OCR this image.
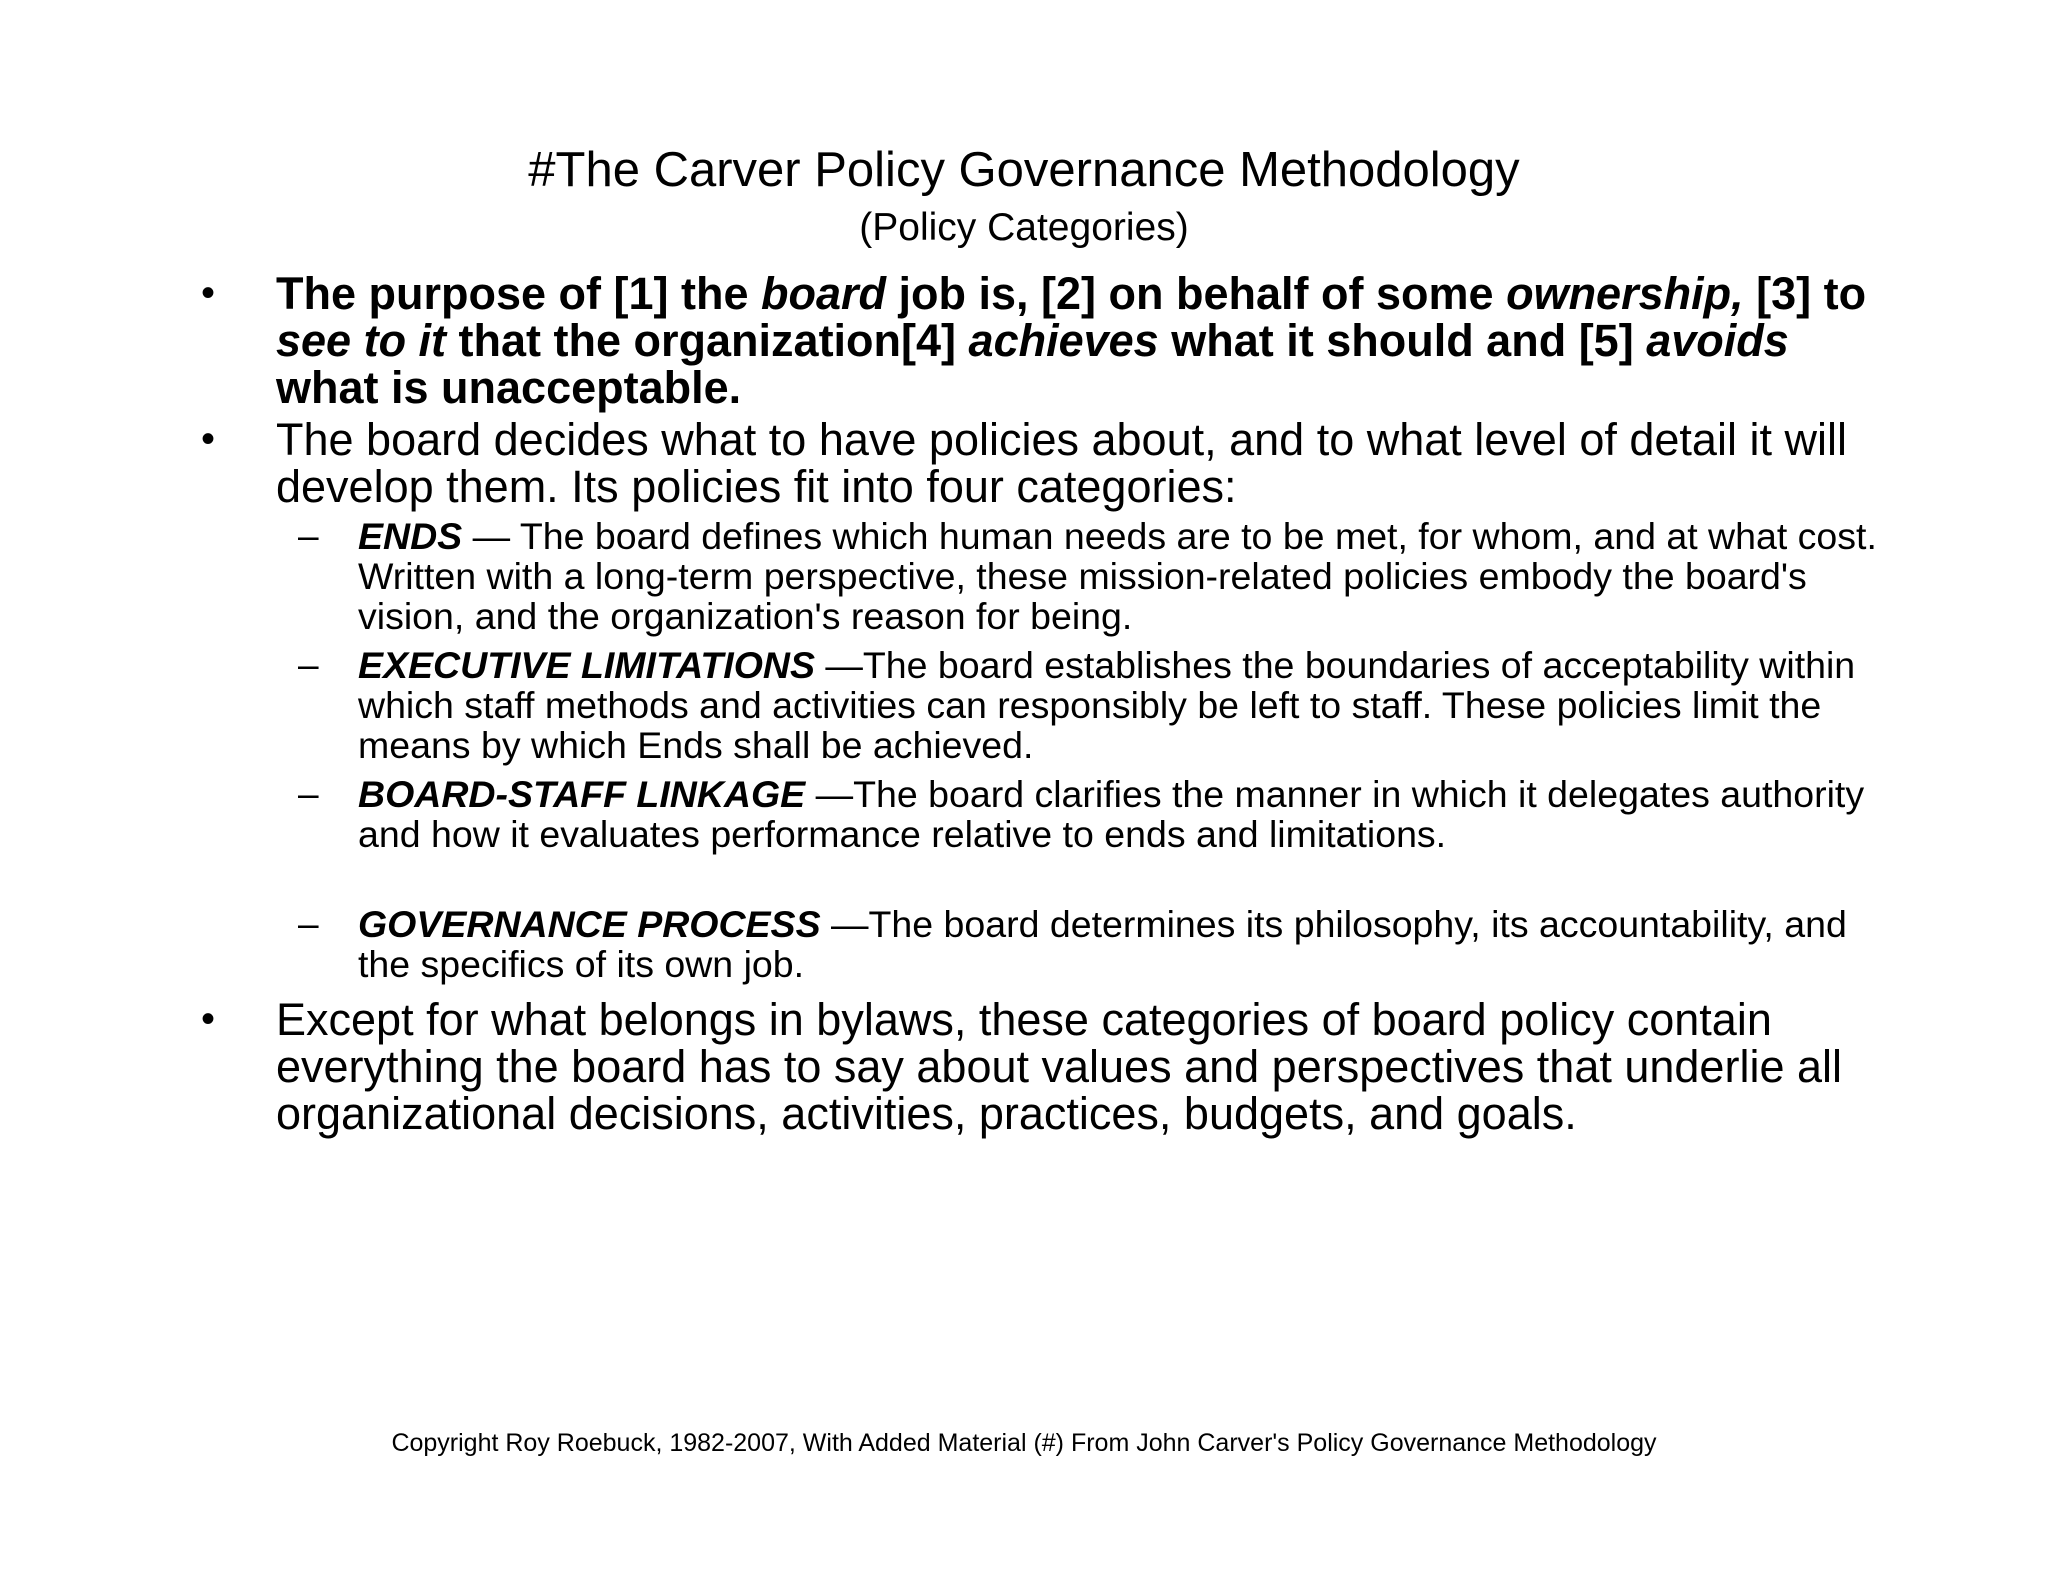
#The Carver Policy Governance Methodology
(Policy Categories)
• The purpose of [1] the board job is, [2] on behalf of some ownership, [3] to see to it that the organization[4] achieves what it should and [5] avoids what is unacceptable.
• The board decides what to have policies about, and to what level of detail it will develop them. Its policies fit into four categories:
– ENDS — The board defines which human needs are to be met, for whom, and at what cost. Written with a long-term perspective, these mission-related policies embody the board's vision, and the organization's reason for being.
– EXECUTIVE LIMITATIONS —The board establishes the boundaries of acceptability within which staff methods and activities can responsibly be left to staff. These policies limit the means by which Ends shall be achieved.
– BOARD-STAFF LINKAGE —The board clarifies the manner in which it delegates authority and how it evaluates performance relative to ends and limitations.
– GOVERNANCE PROCESS —The board determines its philosophy, its accountability, and the specifics of its own job.
• Except for what belongs in bylaws, these categories of board policy contain everything the board has to say about values and perspectives that underlie all organizational decisions, activities, practices, budgets, and goals.
Copyright Roy Roebuck, 1982-2007, With Added Material (#) From John Carver's Policy Governance Methodology
